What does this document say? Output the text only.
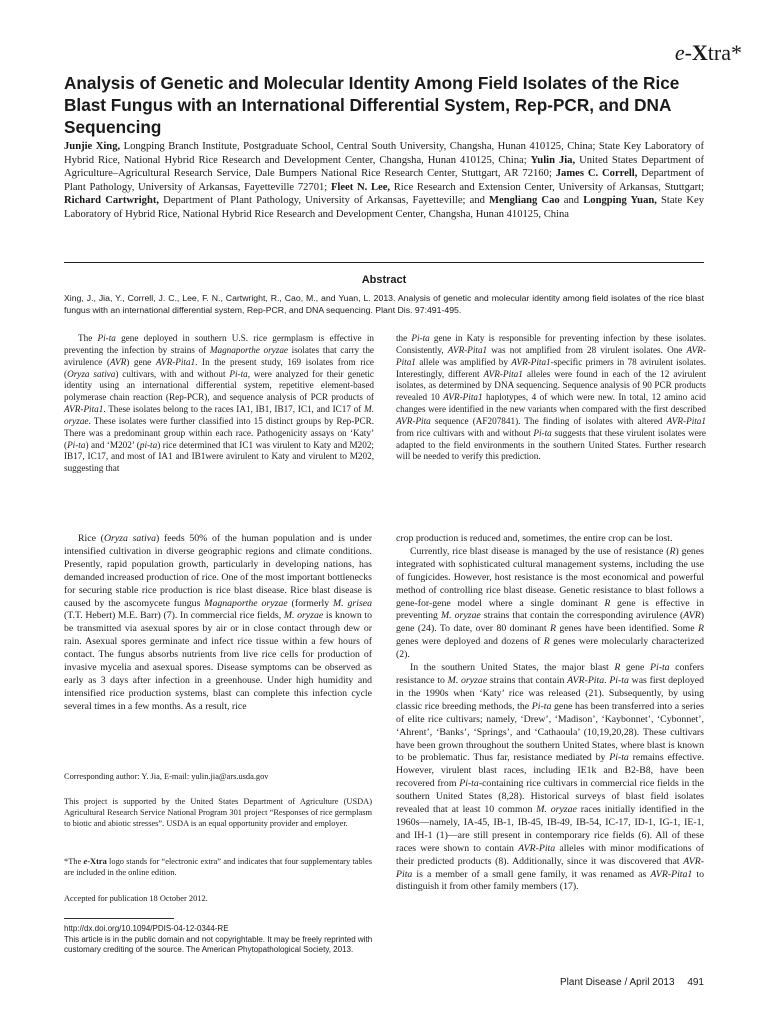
e-Xtra*
Analysis of Genetic and Molecular Identity Among Field Isolates of the Rice Blast Fungus with an International Differential System, Rep-PCR, and DNA Sequencing

Junjie Xing, Longping Branch Institute, Postgraduate School, Central South University, Changsha, Hunan 410125, China; State Key Laboratory of Hybrid Rice, National Hybrid Rice Research and Development Center, Changsha, Hunan 410125, China; Yulin Jia, United States Department of Agriculture–Agricultural Research Service, Dale Bumpers National Rice Research Center, Stuttgart, AR 72160; James C. Correll, Department of Plant Pathology, University of Arkansas, Fayetteville 72701; Fleet N. Lee, Rice Research and Extension Center, University of Arkansas, Stuttgart; Richard Cartwright, Department of Plant Pathology, University of Arkansas, Fayetteville; and Mengliang Cao and Longping Yuan, State Key Laboratory of Hybrid Rice, National Hybrid Rice Research and Development Center, Changsha, Hunan 410125, China

Abstract

Xing, J., Jia, Y., Correll, J. C., Lee, F. N., Cartwright, R., Cao, M., and Yuan, L. 2013. Analysis of genetic and molecular identity among field isolates of the rice blast fungus with an international differential system, Rep-PCR, and DNA sequencing. Plant Dis. 97:491-495.

The Pi-ta gene deployed in southern U.S. rice germplasm is effective in preventing the infection by strains of Magnaporthe oryzae isolates that carry the avirulence (AVR) gene AVR-Pita1. In the present study, 169 isolates from rice (Oryza sativa) cultivars, with and without Pi-ta, were analyzed for their genetic identity using an international differential system, repetitive element-based polymerase chain reaction (Rep-PCR), and sequence analysis of PCR products of AVR-Pita1. These isolates belong to the races IA1, IB1, IB17, IC1, and IC17 of M. oryzae. These isolates were further classified into 15 distinct groups by Rep-PCR. There was a predominant group within each race. Pathogenicity assays on ‘Katy’ (Pi-ta) and ‘M202’ (pi-ta) rice determined that IC1 was virulent to Katy and M202; IB17, IC17, and most of IA1 and IB1were avirulent to Katy and virulent to M202, suggesting that

the Pi-ta gene in Katy is responsible for preventing infection by these isolates. Consistently, AVR-Pita1 was not amplified from 28 virulent isolates. One AVR-Pita1 allele was amplified by AVR-Pita1-specific primers in 78 avirulent isolates. Interestingly, different AVR-Pita1 alleles were found in each of the 12 avirulent isolates, as determined by DNA sequencing. Sequence analysis of 90 PCR products revealed 10 AVR-Pita1 haplotypes, 4 of which were new. In total, 12 amino acid changes were identified in the new variants when compared with the first described AVR-Pita sequence (AF207841). The finding of isolates with altered AVR-Pita1 from rice cultivars with and without Pi-ta suggests that these virulent isolates were adapted to the field environments in the southern United States. Further research will be needed to verify this prediction.

Rice (Oryza sativa) feeds 50% of the human population and is under intensified cultivation in diverse geographic regions and climate conditions. Presently, rapid population growth, particularly in developing nations, has demanded increased production of rice. One of the most important bottlenecks for securing stable rice production is rice blast disease. Rice blast disease is caused by the ascomycete fungus Magnaporthe oryzae (formerly M. grisea (T.T. Hebert) M.E. Barr) (7). In commercial rice fields, M. oryzae is known to be transmitted via asexual spores by air or in close contact through dew or rain. Asexual spores germinate and infect rice tissue within a few hours of contact. The fungus absorbs nutrients from live rice cells for production of invasive mycelia and asexual spores. Disease symptoms can be observed as early as 3 days after infection in a greenhouse. Under high humidity and intensified rice production systems, blast can complete this infection cycle several times in a few months. As a result, rice

crop production is reduced and, sometimes, the entire crop can be lost.

Currently, rice blast disease is managed by the use of resistance (R) genes integrated with sophisticated cultural management systems, including the use of fungicides. However, host resistance is the most economical and powerful method of controlling rice blast disease. Genetic resistance to blast follows a gene-for-gene model where a single dominant R gene is effective in preventing M. oryzae strains that contain the corresponding avirulence (AVR) gene (24). To date, over 80 dominant R genes have been identified. Some R genes were deployed and dozens of R genes were molecularly characterized (2).

In the southern United States, the major blast R gene Pi-ta confers resistance to M. oryzae strains that contain AVR-Pita. Pi-ta was first deployed in the 1990s when ‘Katy’ rice was released (21). Subsequently, by using classic rice breeding methods, the Pi-ta gene has been transferred into a series of elite rice cultivars; namely, ‘Drew’, ‘Madison’, ‘Kaybonnet’, ‘Cybonnet’, ‘Ahrent’, ‘Banks’, ‘Springs’, and ‘Cathaoula’ (10,19,20,28). These cultivars have been grown throughout the southern United States, where blast is known to be problematic. Thus far, resistance mediated by Pi-ta remains effective. However, virulent blast races, including IE1k and B2-B8, have been recovered from Pi-ta-containing rice cultivars in commercial rice fields in the southern United States (8,28). Historical surveys of blast field isolates revealed that at least 10 common M. oryzae races initially identified in the 1960s—namely, IA-45, IB-1, IB-45, IB-49, IB-54, IC-17, ID-1, IG-1, IE-1, and IH-1 (1)—are still present in contemporary rice fields (6). All of these races were shown to contain AVR-Pita alleles with minor modifications of their predicted products (8). Additionally, since it was discovered that AVR-Pita is a member of a small gene family, it was renamed as AVR-Pita1 to distinguish it from other family members (17).

Corresponding author: Y. Jia, E-mail: yulin.jia@ars.usda.gov

This project is supported by the United States Department of Agriculture (USDA) Agricultural Research Service National Program 301 project “Responses of rice germplasm to biotic and abiotic stresses”. USDA is an equal opportunity provider and employer.

*The e-Xtra logo stands for “electronic extra” and indicates that four supplementary tables are included in the online edition.

Accepted for publication 18 October 2012.

http://dx.doi.org/10.1094/PDIS-04-12-0344-RE
This article is in the public domain and not copyrightable. It may be freely reprinted with customary crediting of the source. The American Phytopathological Society, 2013.
Plant Disease / April 2013 491
